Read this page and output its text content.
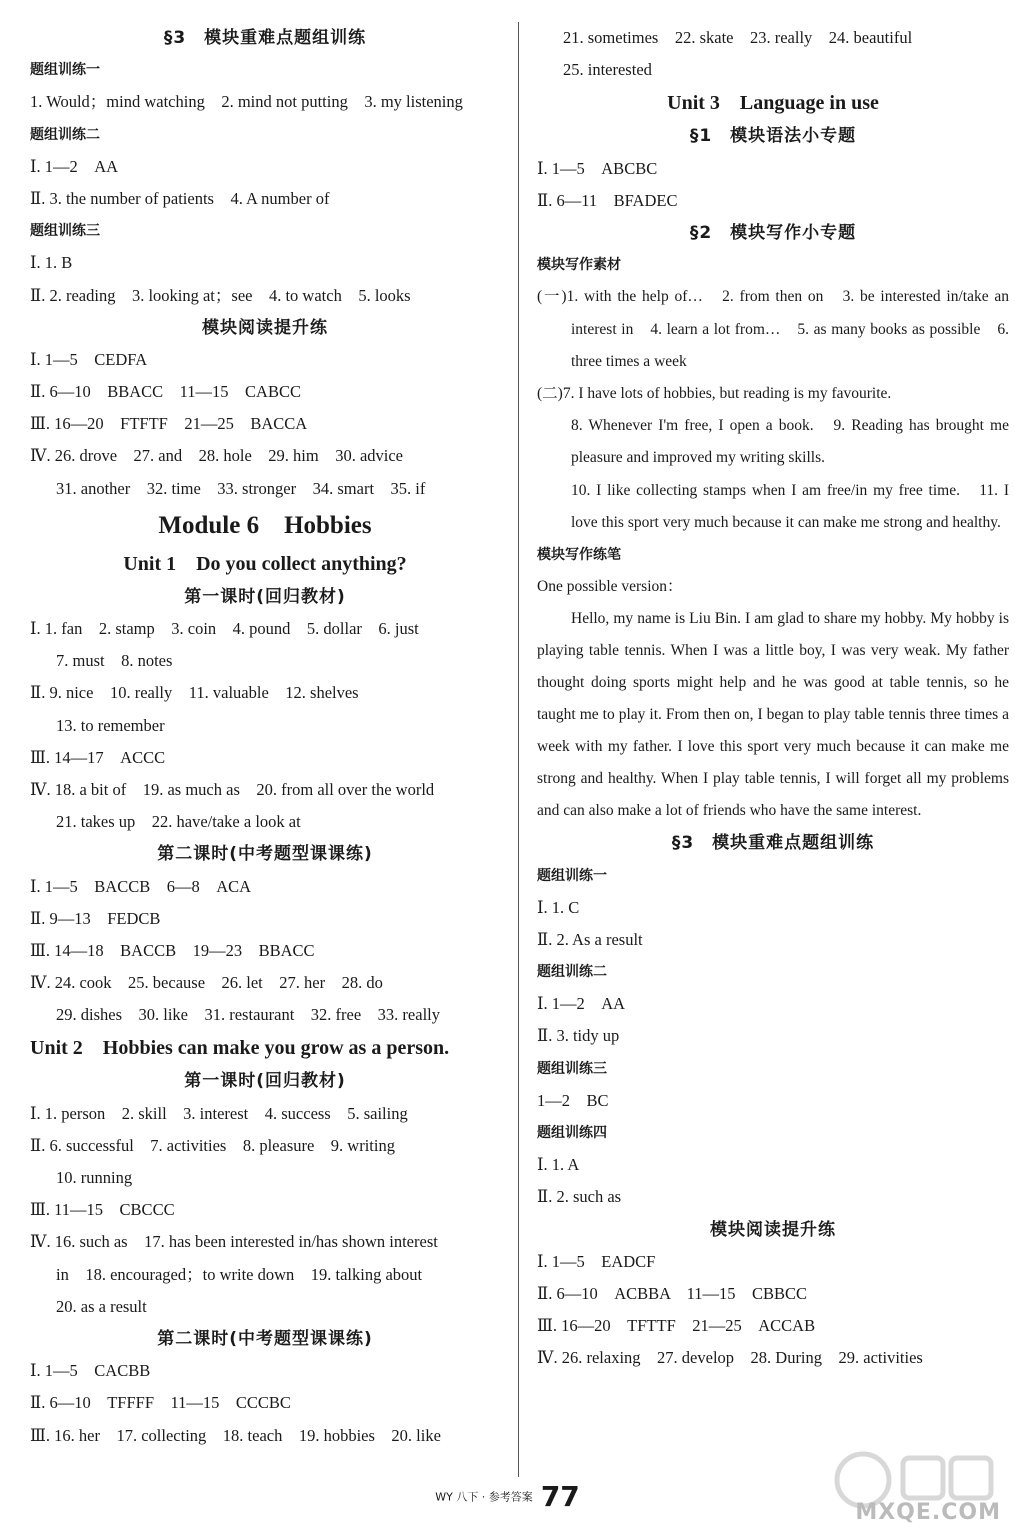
§3　模块重难点题组训练
题组训练一
1. Would；mind watching　2. mind not putting　3. my listening
题组训练二
Ⅰ. 1—2　AA
Ⅱ. 3. the number of patients　4. A number of
题组训练三
Ⅰ. 1. B
Ⅱ. 2. reading　3. looking at；see　4. to watch　5. looks
模块阅读提升练
Ⅰ. 1—5　CEDFA
Ⅱ. 6—10　BBACC　11—15　CABCC
Ⅲ. 16—20　FTFTF　21—25　BACCA
Ⅳ. 26. drove　27. and　28. hole　29. him　30. advice
31. another　32. time　33. stronger　34. smart　35. if
Module 6　Hobbies
Unit 1　Do you collect anything?
第一课时(回归教材)
Ⅰ. 1. fan　2. stamp　3. coin　4. pound　5. dollar　6. just
7. must　8. notes
Ⅱ. 9. nice　10. really　11. valuable　12. shelves
13. to remember
Ⅲ. 14—17　ACCC
Ⅳ. 18. a bit of　19. as much as　20. from all over the world
21. takes up　22. have/take a look at
第二课时(中考题型课课练)
Ⅰ. 1—5　BACCB　6—8　ACA
Ⅱ. 9—13　FEDCB
Ⅲ. 14—18　BACCB　19—23　BBACC
Ⅳ. 24. cook　25. because　26. let　27. her　28. do
29. dishes　30. like　31. restaurant　32. free　33. really
Unit 2　Hobbies can make you grow as a person.
第一课时(回归教材)
Ⅰ. 1. person　2. skill　3. interest　4. success　5. sailing
Ⅱ. 6. successful　7. activities　8. pleasure　9. writing
10. running
Ⅲ. 11—15　CBCCC
Ⅳ. 16. such as　17. has been interested in/has shown interest
in　18. encouraged；to write down　19. talking about
20. as a result
第二课时(中考题型课课练)
Ⅰ. 1—5　CACBB
Ⅱ. 6—10　TFFFF　11—15　CCCBC
Ⅲ. 16. her　17. collecting　18. teach　19. hobbies　20. like
21. sometimes　22. skate　23. really　24. beautiful
25. interested
Unit 3　Language in use
§1　模块语法小专题
Ⅰ. 1—5　ABCBC
Ⅱ. 6—11　BFADEC
§2　模块写作小专题
模块写作素材
(一)1. with the help of…　2. from then on　3. be interested in/take an interest in　4. learn a lot from…　5. as many books as possible　6. three times a week
(二)7. I have lots of hobbies, but reading is my favourite.
8. Whenever I'm free, I open a book.　9. Reading has brought me pleasure and improved my writing skills.
10. I like collecting stamps when I am free/in my free time.　11. I love this sport very much because it can make me strong and healthy.
模块写作练笔
One possible version：
Hello, my name is Liu Bin. I am glad to share my hobby. My hobby is playing table tennis. When I was a little boy, I was very weak. My father thought doing sports might help and he was good at table tennis, so he taught me to play it. From then on, I began to play table tennis three times a week with my father. I love this sport very much because it can make me strong and healthy. When I play table tennis, I will forget all my problems and can also make a lot of friends who have the same interest.
§3　模块重难点题组训练
题组训练一
Ⅰ. 1. C
Ⅱ. 2. As a result
题组训练二
Ⅰ. 1—2　AA
Ⅱ. 3. tidy up
题组训练三
1—2　BC
题组训练四
Ⅰ. 1. A
Ⅱ. 2. such as
模块阅读提升练
Ⅰ. 1—5　EADCF
Ⅱ. 6—10　ACBBA　11—15　CBBCC
Ⅲ. 16—20　TFTTF　21—25　ACCAB
Ⅳ. 26. relaxing　27. develop　28. During　29. activities
WY 八下 · 参考答案 77	MXQE.COM
